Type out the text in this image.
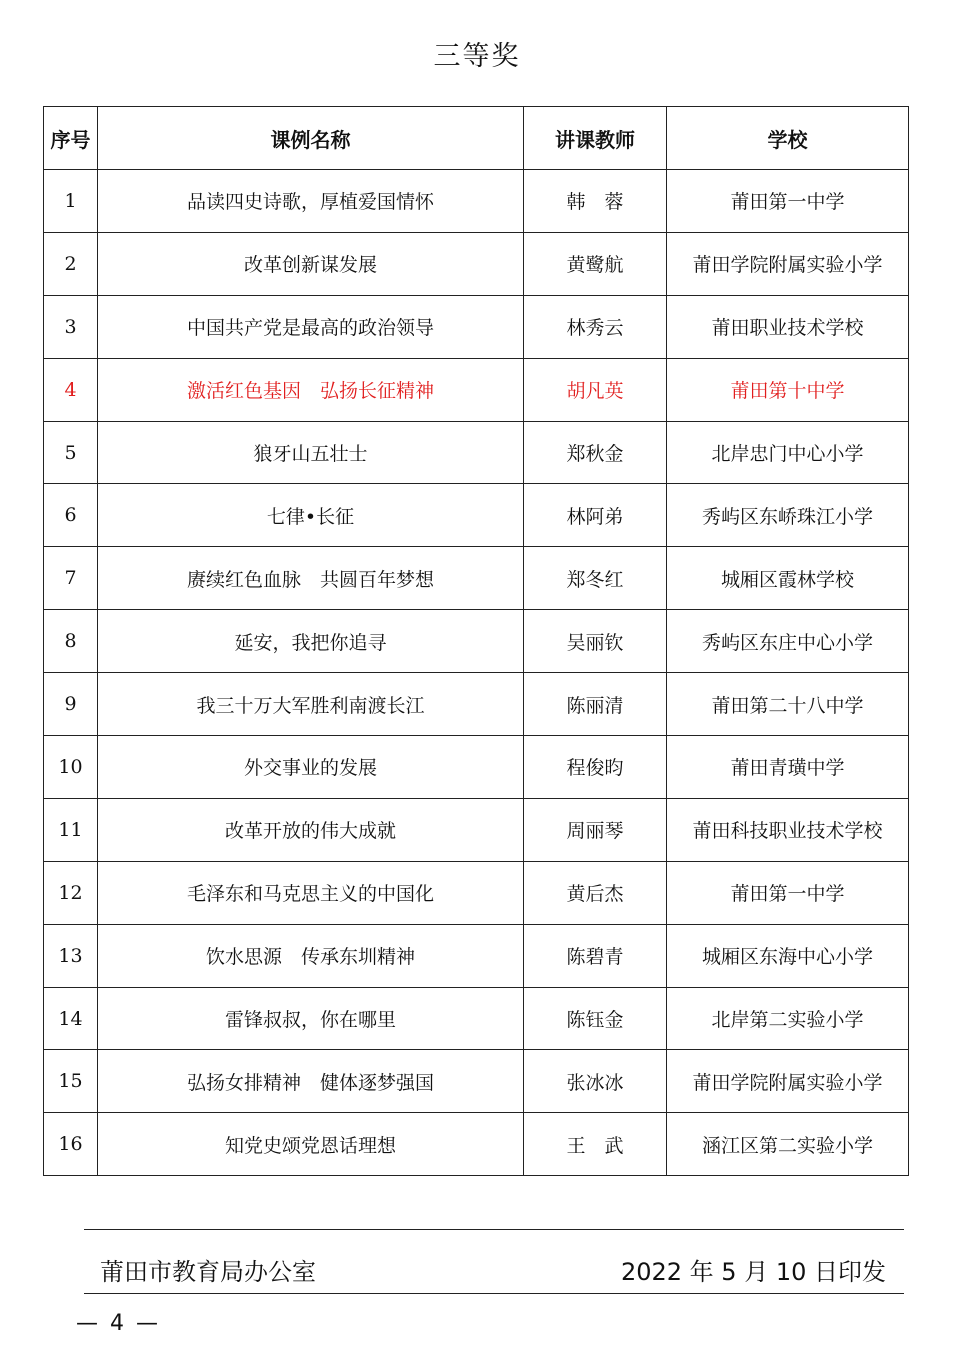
三等奖
序号	课例名称	讲课教师	学校
1	品读四史诗歌，厚植爱国情怀	韩　蓉	莆田第一中学
2	改革创新谋发展	黄鹭航	莆田学院附属实验小学
3	中国共产党是最高的政治领导	林秀云	莆田职业技术学校
4	激活红色基因　弘扬长征精神	胡凡英	莆田第十中学
5	狼牙山五壮士	郑秋金	北岸忠门中心小学
6	七律•长征	林阿弟	秀屿区东峤珠江小学
7	赓续红色血脉　共圆百年梦想	郑冬红	城厢区霞林学校
8	延安，我把你追寻	吴丽钦	秀屿区东庄中心小学
9	我三十万大军胜利南渡长江	陈丽清	莆田第二十八中学
10	外交事业的发展	程俊昀	莆田青璜中学
11	改革开放的伟大成就	周丽琴	莆田科技职业技术学校
12	毛泽东和马克思主义的中国化	黄后杰	莆田第一中学
13	饮水思源　传承东圳精神	陈碧青	城厢区东海中心小学
14	雷锋叔叔，你在哪里	陈钰金	北岸第二实验小学
15	弘扬女排精神　健体逐梦强国	张冰冰	莆田学院附属实验小学
16	知党史颂党恩话理想	王　武	涵江区第二实验小学
莆田市教育局办公室	2022 年 5 月 10 日印发
— 4 —
